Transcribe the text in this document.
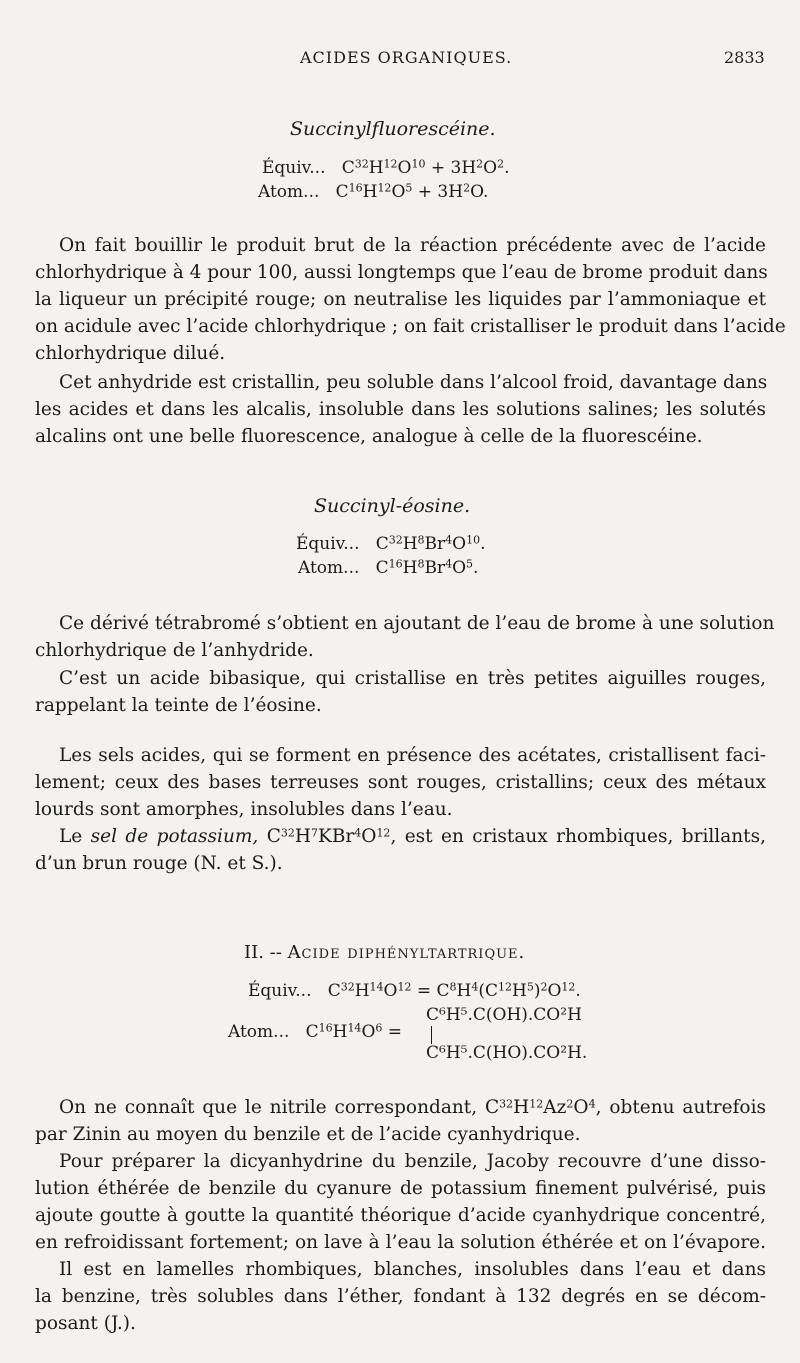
ACIDES ORGANIQUES.	2833
Succinylfluorescéine.
Équiv...   $C^{32}H^{12}O^{10} + 3H^2O^2$.
Atom...   $C^{16}H^{12}O^5 + 3H^2O$.
On fait bouillir le produit brut de la réaction précédente avec de l’acide
chlorhydrique à 4 pour 100, aussi longtemps que l’eau de brome produit dans
la liqueur un précipité rouge; on neutralise les liquides par l’ammoniaque et
on acidule avec l’acide chlorhydrique ; on fait cristalliser le produit dans l’acide
chlorhydrique dilué.
Cet anhydride est cristallin, peu soluble dans l’alcool froid, davantage dans
les acides et dans les alcalis, insoluble dans les solutions salines; les solutés
alcalins ont une belle fluorescence, analogue à celle de la fluorescéine.
Succinyl-éosine.
Équiv...   $C^{32}H^8Br^4O^{10}$.
Atom...   $C^{16}H^8Br^4O^5$.
Ce dérivé tétrabromé s’obtient en ajoutant de l’eau de brome à une solution
chlorhydrique de l’anhydride.
C’est un acide bibasique, qui cristallise en très petites aiguilles rouges,
rappelant la teinte de l’éosine.
Les sels acides, qui se forment en présence des acétates, cristallisent faci-
lement; ceux des bases terreuses sont rouges, cristallins; ceux des métaux
lourds sont amorphes, insolubles dans l’eau.
Le sel de potassium, $C^{32}H^7KBr^4O^{12}$, est en cristaux rhombiques, brillants,
d’un brun rouge (N. et S.).
II. -- Acide diphényltartrique.
Équiv...   $C^{32}H^{14}O^{12} = C^8H^4(C^{12}H^5)^2O^{12}$.
C⁶H⁵.C(OH).CO²H
Atom...   $C^{16}H^{14}O^6$ =
C⁶H⁵.C(HO).CO²H.
On ne connaît que le nitrile correspondant, $C^{32}H^{12}Az^2O^4$, obtenu autrefois
par Zinin au moyen du benzile et de l’acide cyanhydrique.
Pour préparer la dicyanhydrine du benzile, Jacoby recouvre d’une disso-
lution éthérée de benzile du cyanure de potassium finement pulvérisé, puis
ajoute goutte à goutte la quantité théorique d’acide cyanhydrique concentré,
en refroidissant fortement; on lave à l’eau la solution éthérée et on l’évapore.
Il est en lamelles rhombiques, blanches, insolubles dans l’eau et dans
la benzine, très solubles dans l’éther, fondant à 132 degrés en se décom-
posant (J.).
